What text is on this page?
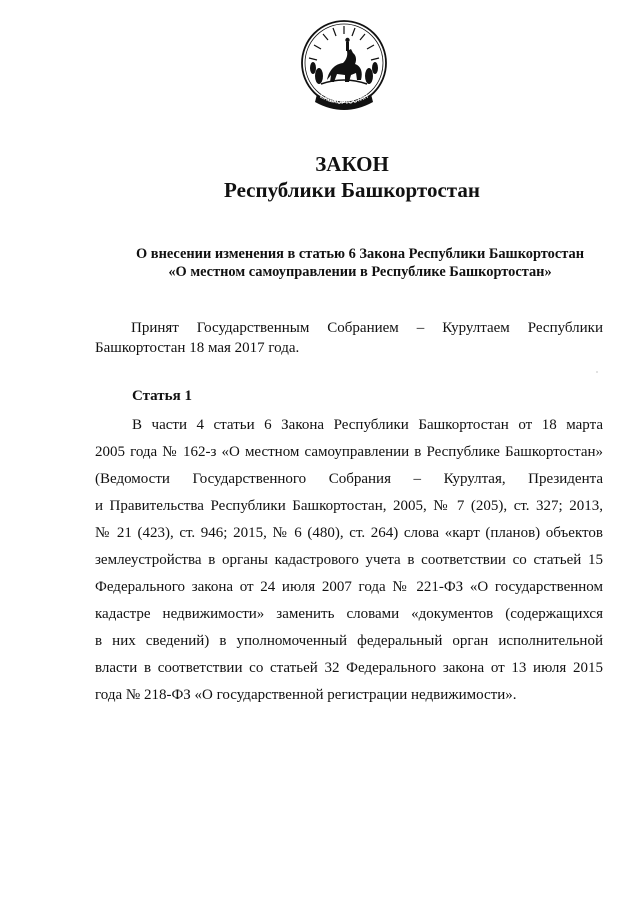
БАШКОРТОСТАН
ЗАКОН
Республики Башкортостан
О внесении изменения в статью 6 Закона Республики Башкортостан
«О местном самоуправлении в Республике Башкортостан»
Принят Государственным Собранием – Курултаем Республики
Башкортостан 18 мая 2017 года.
Статья 1
В части 4 статьи 6 Закона Республики Башкортостан от 18 марта
2005 года № 162-з «О местном самоуправлении в Республике Башкортостан»
(Ведомости Государственного Собрания – Курултая, Президента
и Правительства Республики Башкортостан, 2005, № 7 (205), ст. 327; 2013,
№ 21 (423), ст. 946; 2015, № 6 (480), ст. 264) слова «карт (планов) объектов
землеустройства в органы кадастрового учета в соответствии со статьей 15
Федерального закона от 24 июля 2007 года № 221-ФЗ «О государственном
кадастре недвижимости» заменить словами «документов (содержащихся
в них сведений) в уполномоченный федеральный орган исполнительной
власти в соответствии со статьей 32 Федерального закона от 13 июля 2015
года № 218-ФЗ «О государственной регистрации недвижимости».
